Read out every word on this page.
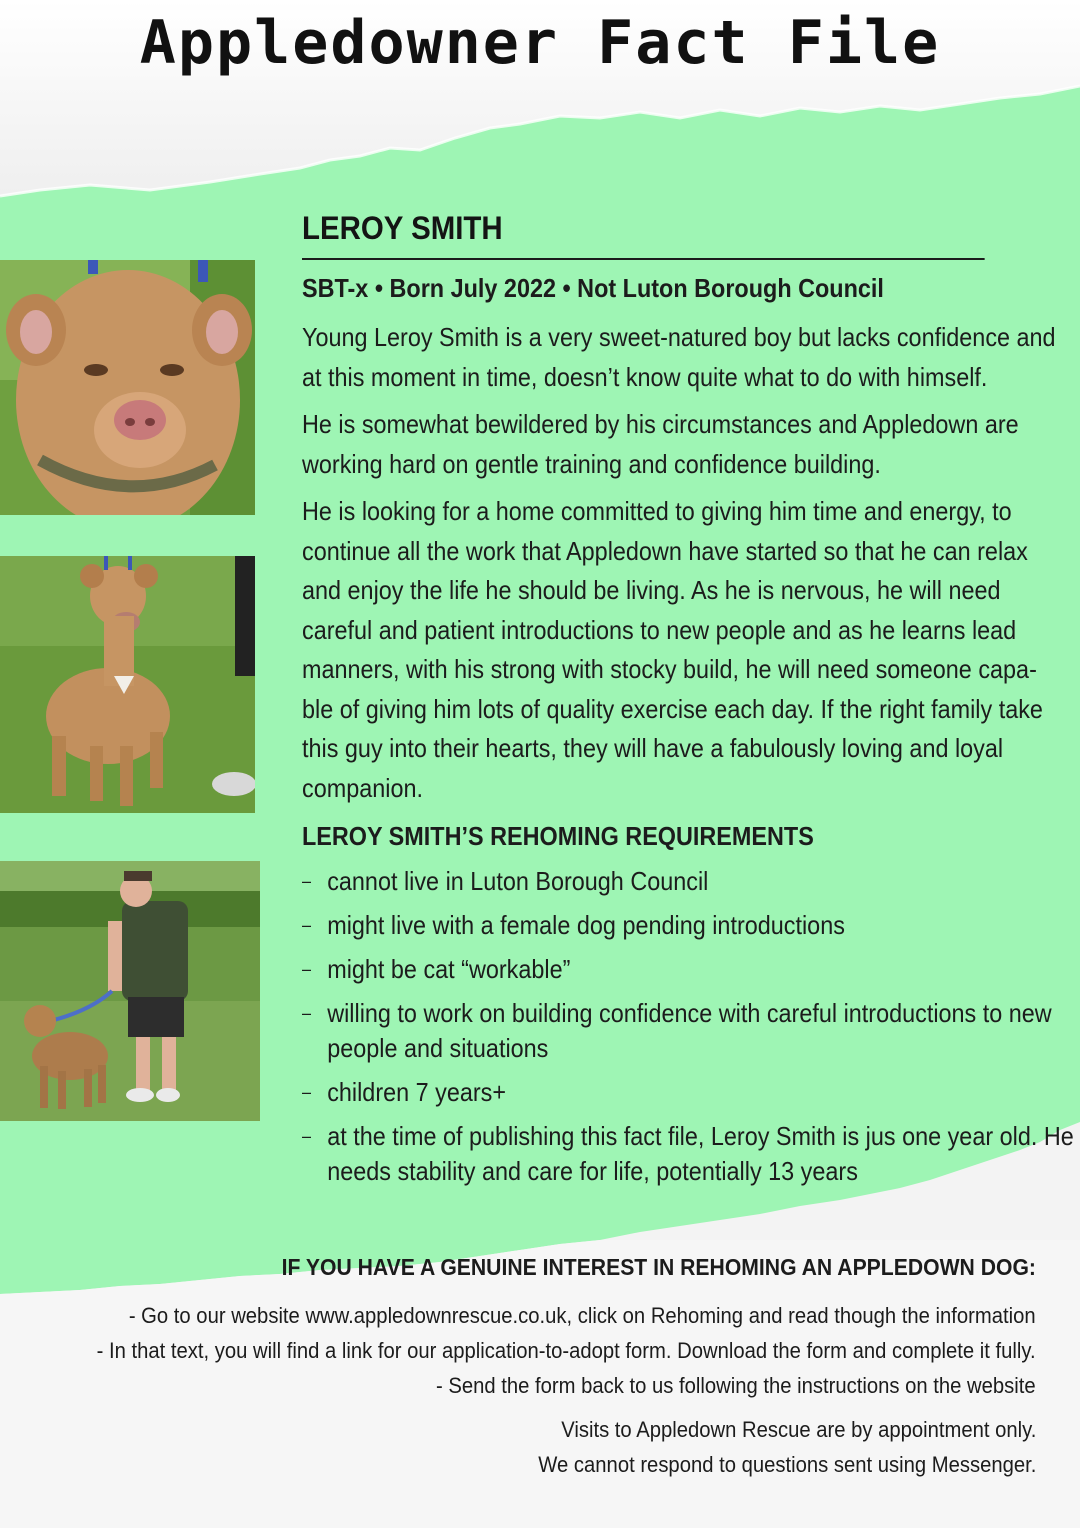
Appledowner Fact File
LEROY SMITH
SBT-x • Born July 2022 • Not Luton Borough Council

Young Leroy Smith is a very sweet-natured boy but lacks confidence and at this moment in time, doesn’t know quite what to do with himself.

He is somewhat bewildered by his circumstances and Appledown are working hard on gentle training and confidence building.

He is looking for a home committed to giving him time and energy, to continue all the work that Appledown have started so that he can relax and enjoy the life he should be living. As he is nervous, he will need careful and patient introductions to new people and as he learns lead manners, with his strong with stocky build, he will need someone capa-ble of giving him lots of quality exercise each day. If the right family take this guy into their hearts, they will have a fabulously loving and loyal companion.

LEROY SMITH’S REHOMING REQUIREMENTS
– cannot live in Luton Borough Council
– might live with a female dog pending introductions
– might be cat “workable”
– willing to work on building confidence with careful introductions to new people and situations
– children 7 years+
– at the time of publishing this fact file, Leroy Smith is jus one year old. He needs stability and care for life, potentially 13 years
IF YOU HAVE A GENUINE INTEREST IN REHOMING AN APPLEDOWN DOG:
- Go to our website www.appledownrescue.co.uk, click on Rehoming and read though the information
- In that text, you will find a link for our application-to-adopt form. Download the form and complete it fully.
- Send the form back to us following the instructions on the website
Visits to Appledown Rescue are by appointment only.
We cannot respond to questions sent using Messenger.
